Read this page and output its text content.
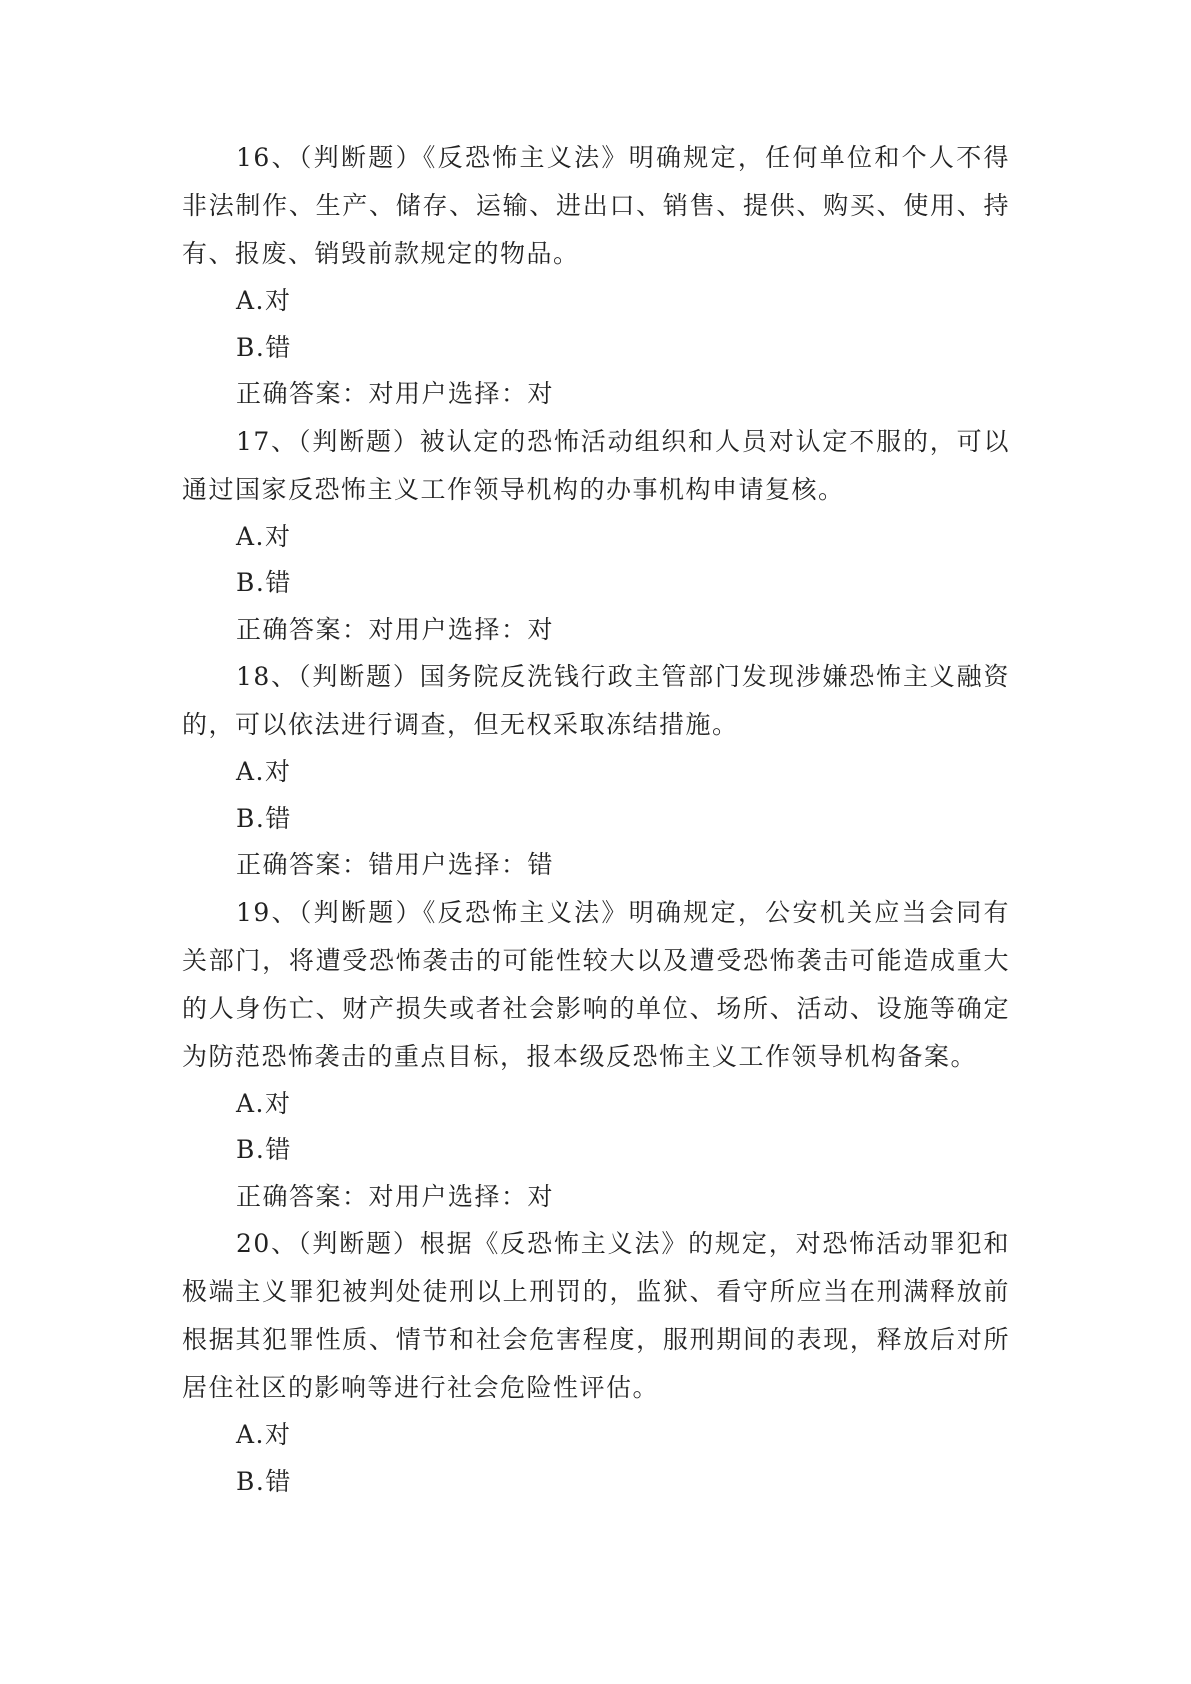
16、（判断题）《反恐怖主义法》明确规定，任何单位和个人不得非法制作、生产、储存、运输、进出口、销售、提供、购买、使用、持有、报废、销毁前款规定的物品。

A.对

B.错

正确答案：对用户选择：对

17、（判断题）被认定的恐怖活动组织和人员对认定不服的，可以通过国家反恐怖主义工作领导机构的办事机构申请复核。

A.对

B.错

正确答案：对用户选择：对

18、（判断题）国务院反洗钱行政主管部门发现涉嫌恐怖主义融资的，可以依法进行调查，但无权采取冻结措施。

A.对

B.错

正确答案：错用户选择：错

19、（判断题）《反恐怖主义法》明确规定，公安机关应当会同有关部门，将遭受恐怖袭击的可能性较大以及遭受恐怖袭击可能造成重大的人身伤亡、财产损失或者社会影响的单位、场所、活动、设施等确定为防范恐怖袭击的重点目标，报本级反恐怖主义工作领导机构备案。

A.对

B.错

正确答案：对用户选择：对

20、（判断题）根据《反恐怖主义法》的规定，对恐怖活动罪犯和极端主义罪犯被判处徒刑以上刑罚的，监狱、看守所应当在刑满释放前根据其犯罪性质、情节和社会危害程度，服刑期间的表现，释放后对所居住社区的影响等进行社会危险性评估。

A.对

B.错
